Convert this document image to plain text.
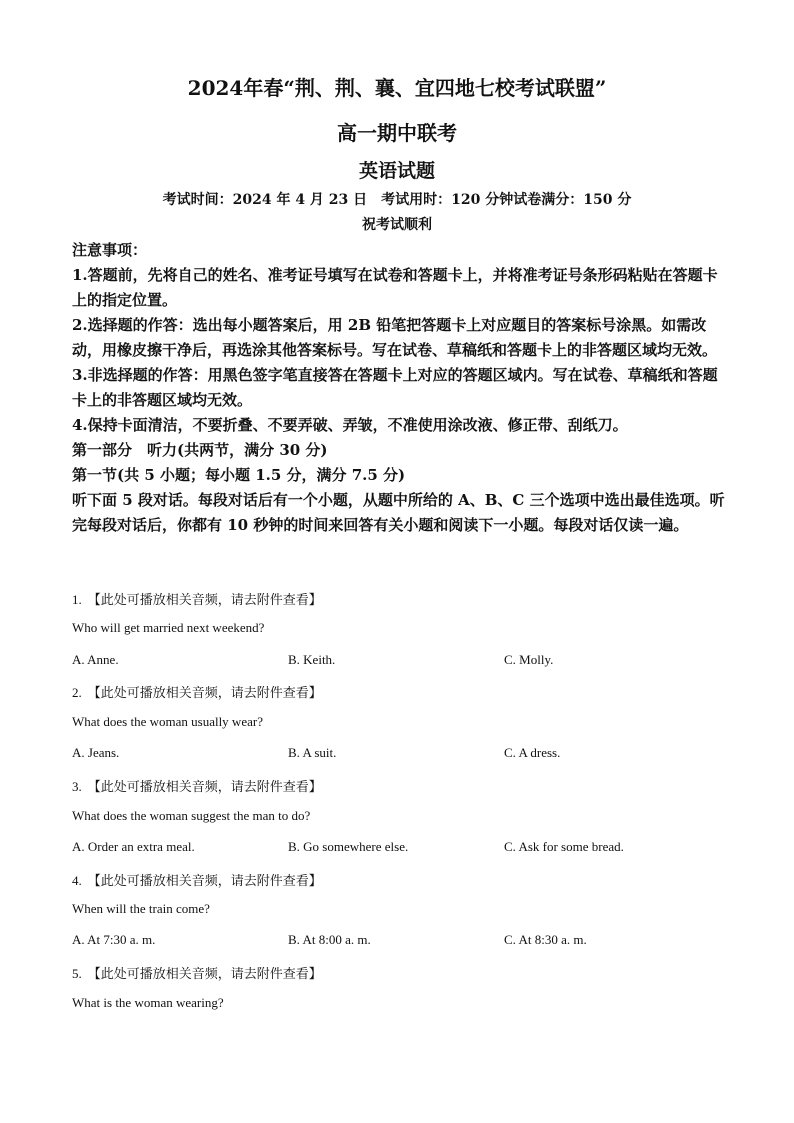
2024年春“荆、荆、襄、宜四地七校考试联盟”
高一期中联考
英语试题
考试时间：2024 年 4 月 23 日　考试用时：120 分钟试卷满分：150 分
祝考试顺利

注意事项：

1.答题前，先将自己的姓名、准考证号填写在试卷和答题卡上，并将准考证号条形码粘贴在答题卡上的指定位置。

2.选择题的作答：选出每小题答案后，用 2B 铅笔把答题卡上对应题目的答案标号涂黑。如需改动，用橡皮擦干净后，再选涂其他答案标号。写在试卷、草稿纸和答题卡上的非答题区域均无效。

3.非选择题的作答：用黑色签字笔直接答在答题卡上对应的答题区域内。写在试卷、草稿纸和答题卡上的非答题区域均无效。

4.保持卡面清洁，不要折叠、不要弄破、弄皱，不准使用涂改液、修正带、刮纸刀。

第一部分　听力(共两节，满分 30 分)

第一节(共 5 小题；每小题 1.5 分，满分 7.5 分)

听下面 5 段对话。每段对话后有一个小题，从题中所给的 A、B、C 三个选项中选出最佳选项。听完每段对话后，你都有 10 秒钟的时间来回答有关小题和阅读下一小题。每段对话仅读一遍。

1. 【此处可播放相关音频，请去附件查看】
Who will get married next weekend?
A. Anne.	B. Keith.	C. Molly.
2. 【此处可播放相关音频，请去附件查看】
What does the woman usually wear?
A. Jeans.	B. A suit.	C. A dress.
3. 【此处可播放相关音频，请去附件查看】
What does the woman suggest the man to do?
A. Order an extra meal.	B. Go somewhere else.	C. Ask for some bread.
4. 【此处可播放相关音频，请去附件查看】
When will the train come?
A. At 7:30 a. m.	B. At 8:00 a. m.	C. At 8:30 a. m.
5. 【此处可播放相关音频，请去附件查看】
What is the woman wearing?
